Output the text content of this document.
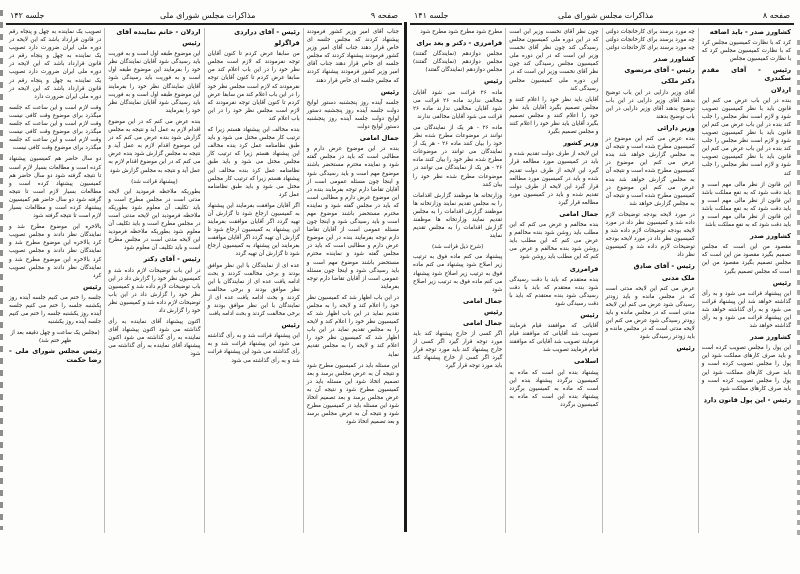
صفحه ۹
مذاکرات مجلس شورای ملی
جلسه ۱۴۲

جناب آقای امیر وزیر کشور فرمودند پیشنهاد کردند که مجلس جلسه ای خاص قرار دهند جناب آقای امیر وزیر کشور فرمودند پیشنهاد کردند که مجلس جلسه ای خاص قرار دهند جناب آقای امیر وزیر کشور فرمودند پیشنهاد کردند که مجلس جلسه ای خاص قرار دهند

رئیس

جلسه آینده روز پنجشنبه دستور لوایح دولت جلسه آینده روز پنجشنبه دستور لوایح دولت جلسه آینده روز پنجشنبه دستور لوایح دولت

جمال امامی

بنده در این موضوع عرض دارم و مطالبی است که باید در مجلس گفته شود و نماینده محترم مستحضر باشند موضوع مهم است و باید رسیدگی شود و اینجا چون مسئله عمومی است از آقایان تقاضا دارم توجه بفرمایند بنده در این موضوع عرض دارم و مطالبی است که باید در مجلس گفته شود و نماینده محترم مستحضر باشند موضوع مهم است و باید رسیدگی شود و اینجا چون مسئله عمومی است از آقایان تقاضا دارم توجه بفرمایند بنده در این موضوع عرض دارم و مطالبی است که باید در مجلس گفته شود و نماینده محترم مستحضر باشند موضوع مهم است و باید رسیدگی شود و اینجا چون مسئله عمومی است از آقایان تقاضا دارم توجه بفرمایند

در این باب اظهار شد که کمیسیون نظر خود را اعلام کند و لایحه را به مجلس تقدیم نماید در این باب اظهار شد که کمیسیون نظر خود را اعلام کند و لایحه را به مجلس تقدیم نماید در این باب اظهار شد که کمیسیون نظر خود را اعلام کند و لایحه را به مجلس تقدیم نماید

این مسئله باید در کمیسیون مطرح شود و نتیجه آن به عرض مجلس برسد و بعد تصمیم اتخاذ شود این مسئله باید در کمیسیون مطرح شود و نتیجه آن به عرض مجلس برسد و بعد تصمیم اتخاذ شود این مسئله باید در کمیسیون مطرح شود و نتیجه آن به عرض مجلس برسد و بعد تصمیم اتخاذ شود

رئیس - آقای دراردی

قراگزلو

من سابقا عرض کردم تا کنون آقایان توجه نفرمودند که لازم است مجلس نظر خود را در این باب اعلام کند من سابقا عرض کردم تا کنون آقایان توجه نفرمودند که لازم است مجلس نظر خود را در این باب اعلام کند من سابقا عرض کردم تا کنون آقایان توجه نفرمودند که لازم است مجلس نظر خود را در این باب اعلام کند

بنده مخالف این پیشنهاد هستم زیرا که ترتیب کار مجلس مختل می شود و باید طبق نظامنامه عمل کرد بنده مخالف این پیشنهاد هستم زیرا که ترتیب کار مجلس مختل می شود و باید طبق نظامنامه عمل کرد بنده مخالف این پیشنهاد هستم زیرا که ترتیب کار مجلس مختل می شود و باید طبق نظامنامه عمل کرد

اگر آقایان موافقت بفرمایند این پیشنهاد به کمیسیون ارجاع شود تا گزارش آن تهیه گردد اگر آقایان موافقت بفرمایند این پیشنهاد به کمیسیون ارجاع شود تا گزارش آن تهیه گردد اگر آقایان موافقت بفرمایند این پیشنهاد به کمیسیون ارجاع شود تا گزارش آن تهیه گردد

عده ای از نمایندگان با این نظر موافق بودند و برخی مخالفت کردند و بحث ادامه یافت عده ای از نمایندگان با این نظر موافق بودند و برخی مخالفت کردند و بحث ادامه یافت عده ای از نمایندگان با این نظر موافق بودند و برخی مخالفت کردند و بحث ادامه یافت

رئیس

این پیشنهاد قرائت شد و به رأی گذاشته می شود این پیشنهاد قرائت شد و به رأی گذاشته می شود این پیشنهاد قرائت شد و به رأی گذاشته می شود

اردلان - خانم نماینده آقای

رئیس

این موضوع طبقه اول است و به فوریت باید رسیدگی شود آقایان نمایندگان نظر خود را بفرمایند این موضوع طبقه اول است و به فوریت باید رسیدگی شود آقایان نمایندگان نظر خود را بفرمایند این موضوع طبقه اول است و به فوریت باید رسیدگی شود آقایان نمایندگان نظر خود را بفرمایند

بنده عرض می کنم که در این موضوع اقدام لازم به عمل آید و نتیجه به مجلس گزارش شود بنده عرض می کنم که در این موضوع اقدام لازم به عمل آید و نتیجه به مجلس گزارش شود بنده عرض می کنم که در این موضوع اقدام لازم به عمل آید و نتیجه به مجلس گزارش شود

(پیشنهاد قرائت شد)

بطوریکه ملاحظه فرمودید این لایحه مدتی است در مجلس مطرح است و باید تکلیف آن معلوم شود بطوریکه ملاحظه فرمودید این لایحه مدتی است در مجلس مطرح است و باید تکلیف آن معلوم شود بطوریکه ملاحظه فرمودید این لایحه مدتی است در مجلس مطرح است و باید تکلیف آن معلوم شود

رئیس - آقای دکتر

در این باب توضیحات لازم داده شد و کمیسیون نظر خود را گزارش داد در این باب توضیحات لازم داده شد و کمیسیون نظر خود را گزارش داد در این باب توضیحات لازم داده شد و کمیسیون نظر خود را گزارش داد

اکنون پیشنهاد آقای نماینده به رأی گذاشته می شود اکنون پیشنهاد آقای نماینده به رأی گذاشته می شود اکنون پیشنهاد آقای نماینده به رأی گذاشته می شود

تصویب یک نماینده به چهل و پنجاه رقم در قانون قرارداد باشد که این لایحه در دوره ملی ایران ضرورت دارد تصویب یک نماینده به چهل و پنجاه رقم در قانون قرارداد باشد که این لایحه در دوره ملی ایران ضرورت دارد تصویب یک نماینده به چهل و پنجاه رقم در قانون قرارداد باشد که این لایحه در دوره ملی ایران ضرورت دارد

وقت لازم است و این ساعت که جلسه میگذرد برای موضوع وقت کافی نیست وقت لازم است و این ساعت که جلسه میگذرد برای موضوع وقت کافی نیست وقت لازم است و این ساعت که جلسه میگذرد برای موضوع وقت کافی نیست

دو سال حاضر هم کمیسیون پیشنهاد کرده است و مطالعات بسیار لازم است تا نتیجه گرفته شود دو سال حاضر هم کمیسیون پیشنهاد کرده است و مطالعات بسیار لازم است تا نتیجه گرفته شود دو سال حاضر هم کمیسیون پیشنهاد کرده است و مطالعات بسیار لازم است تا نتیجه گرفته شود

بالاخره این موضوع مطرح شد و نمایندگان نظر دادند و مجلس تصویب کرد بالاخره این موضوع مطرح شد و نمایندگان نظر دادند و مجلس تصویب کرد بالاخره این موضوع مطرح شد و نمایندگان نظر دادند و مجلس تصویب کرد

رئیس

جلسه را ختم می کنیم جلسه آینده روز یکشنبه جلسه را ختم می کنیم جلسه آینده روز یکشنبه جلسه را ختم می کنیم جلسه آینده روز یکشنبه

(مجلس یک ساعت و چهل دقیقه بعد از ظهر ختم شد)

رئیس مجلس شورای ملی - رضا حکمت

صفحه ۸
مذاکرات مجلس شورای ملی
جلسه ۱۴۱

کشاورز صدر - باید اضافه

کرد که با نظارت کمیسیون مجلس کرد که با نظارت کمیسیون مجلس کرد که با نظارت کمیسیون مجلس

رئیس - آقای مقدم سکندری

اردلان

بنده در این باب عرض می کنم این قانون باید با نظر کمیسیون تصویب شود و لازم است نظر مجلس را جلب کند بنده در این باب عرض می کنم این قانون باید با نظر کمیسیون تصویب شود و لازم است نظر مجلس را جلب کند بنده در این باب عرض می کنم این قانون باید با نظر کمیسیون تصویب شود و لازم است نظر مجلس را جلب کند

این قانون از نظر مالی مهم است و باید دقت شود که به نفع مملکت باشد این قانون از نظر مالی مهم است و باید دقت شود که به نفع مملکت باشد این قانون از نظر مالی مهم است و باید دقت شود که به نفع مملکت باشد

کشاورز صدر

مقصود من این است که مجلس تصمیم بگیرد مقصود من این است که مجلس تصمیم بگیرد مقصود من این است که مجلس تصمیم بگیرد

رئیس

این پیشنهاد قرائت می شود و به رأی گذاشته خواهد شد این پیشنهاد قرائت می شود و به رأی گذاشته خواهد شد این پیشنهاد قرائت می شود و به رأی گذاشته خواهد شد

کشاورز صدر

این پول را مجلس تصویب کرده است و باید صرف کارهای مملکت شود این پول را مجلس تصویب کرده است و باید صرف کارهای مملکت شود این پول را مجلس تصویب کرده است و باید صرف کارهای مملکت شود

رئیس - این پول قانون دارد

چه مورد برسند برای کارخانجات دولتی چه مورد برسند برای کارخانجات دولتی چه مورد برسند برای کارخانجات دولتی

کشاورز صدر

رئیس - آقای مرتضوی

دکتر ملکی

آقای وزیر دارایی در این باب توضیح بدهند آقای وزیر دارایی در این باب توضیح بدهند آقای وزیر دارایی در این باب توضیح بدهند

وزیر دارائی

بنده عرض می کنم این موضوع در کمیسیون مطرح شده است و نتیجه آن به مجلس گزارش خواهد شد بنده عرض می کنم این موضوع در کمیسیون مطرح شده است و نتیجه آن به مجلس گزارش خواهد شد بنده عرض می کنم این موضوع در کمیسیون مطرح شده است و نتیجه آن به مجلس گزارش خواهد شد

در مورد لایحه بودجه توضیحات لازم داده شد و کمیسیون نظر داد در مورد لایحه بودجه توضیحات لازم داده شد و کمیسیون نظر داد در مورد لایحه بودجه توضیحات لازم داده شد و کمیسیون نظر داد

رئیس - آقای صادق

ملک مدنی

عرض می کنم این لایحه مدتی است که در مجلس مانده و باید زودتر رسیدگی شود عرض می کنم این لایحه مدتی است که در مجلس مانده و باید زودتر رسیدگی شود عرض می کنم این لایحه مدتی است که در مجلس مانده و باید زودتر رسیدگی شود

رئیس

چون نظر آقای نخست وزیر این است که در این دوره ملی کمیسیون مجلس رسیدگی کند چون نظر آقای نخست وزیر این است که در این دوره ملی کمیسیون مجلس رسیدگی کند چون نظر آقای نخست وزیر این است که در این دوره ملی کمیسیون مجلس رسیدگی کند

آقایان باید نظر خود را اعلام کنند و مجلس تصمیم بگیرد آقایان باید نظر خود را اعلام کنند و مجلس تصمیم بگیرد آقایان باید نظر خود را اعلام کنند و مجلس تصمیم بگیرد

وزیر کشور

این لایحه از طرف دولت تقدیم شده و باید در کمیسیون مورد مطالعه قرار گیرد این لایحه از طرف دولت تقدیم شده و باید در کمیسیون مورد مطالعه قرار گیرد این لایحه از طرف دولت تقدیم شده و باید در کمیسیون مورد مطالعه قرار گیرد

جمال امامی

بنده مخالفم و عرض می کنم که این مطلب باید روشن شود بنده مخالفم و عرض می کنم که این مطلب باید روشن شود بنده مخالفم و عرض می کنم که این مطلب باید روشن شود

فرامرزی

بنده معتقدم که باید با دقت رسیدگی شود بنده معتقدم که باید با دقت رسیدگی شود بنده معتقدم که باید با دقت رسیدگی شود

رئیس

آقایانی که موافقند قیام فرمایند تصویب شد آقایانی که موافقند قیام فرمایند تصویب شد آقایانی که موافقند قیام فرمایند تصویب شد

اسلامی

پیشنهاد بنده این است که ماده به کمیسیون برگردد پیشنهاد بنده این است که ماده به کمیسیون برگردد پیشنهاد بنده این است که ماده به کمیسیون برگردد

مطرح شود مطرح شود مطرح شود

فرامرزی - دکتر و بعد برای

مجلس دوازدهم (نمایندگان گفتند) مجلس دوازدهم (نمایندگان گفتند) مجلس دوازدهم (نمایندگان گفتند)

رئیس

ماده ۲۶ قرائت می شود آقایان مخالفی ندارند ماده ۲۶ قرائت می شود آقایان مخالفی ندارند ماده ۲۶ قرائت می شود آقایان مخالفی ندارند

ماده ۲۶ - هر یک از نمایندگان می توانند در موضوعات مطرح شده نظر خود را بیان کنند ماده ۲۶ - هر یک از نمایندگان می توانند در موضوعات مطرح شده نظر خود را بیان کنند ماده ۲۶ - هر یک از نمایندگان می توانند در موضوعات مطرح شده نظر خود را بیان کنند

وزارتخانه ها موظفند گزارش اقدامات را به مجلس تقدیم نمایند وزارتخانه ها موظفند گزارش اقدامات را به مجلس تقدیم نمایند وزارتخانه ها موظفند گزارش اقدامات را به مجلس تقدیم نمایند

(شرح ذیل قرائت شد)

پیشنهاد می کنم ماده فوق به ترتیب زیر اصلاح شود پیشنهاد می کنم ماده فوق به ترتیب زیر اصلاح شود پیشنهاد می کنم ماده فوق به ترتیب زیر اصلاح شود

جمال امامی

رئیس

جمال امامی

اگر کسی از خارج پیشنهاد کند باید مورد توجه قرار گیرد اگر کسی از خارج پیشنهاد کند باید مورد توجه قرار گیرد اگر کسی از خارج پیشنهاد کند باید مورد توجه قرار گیرد
